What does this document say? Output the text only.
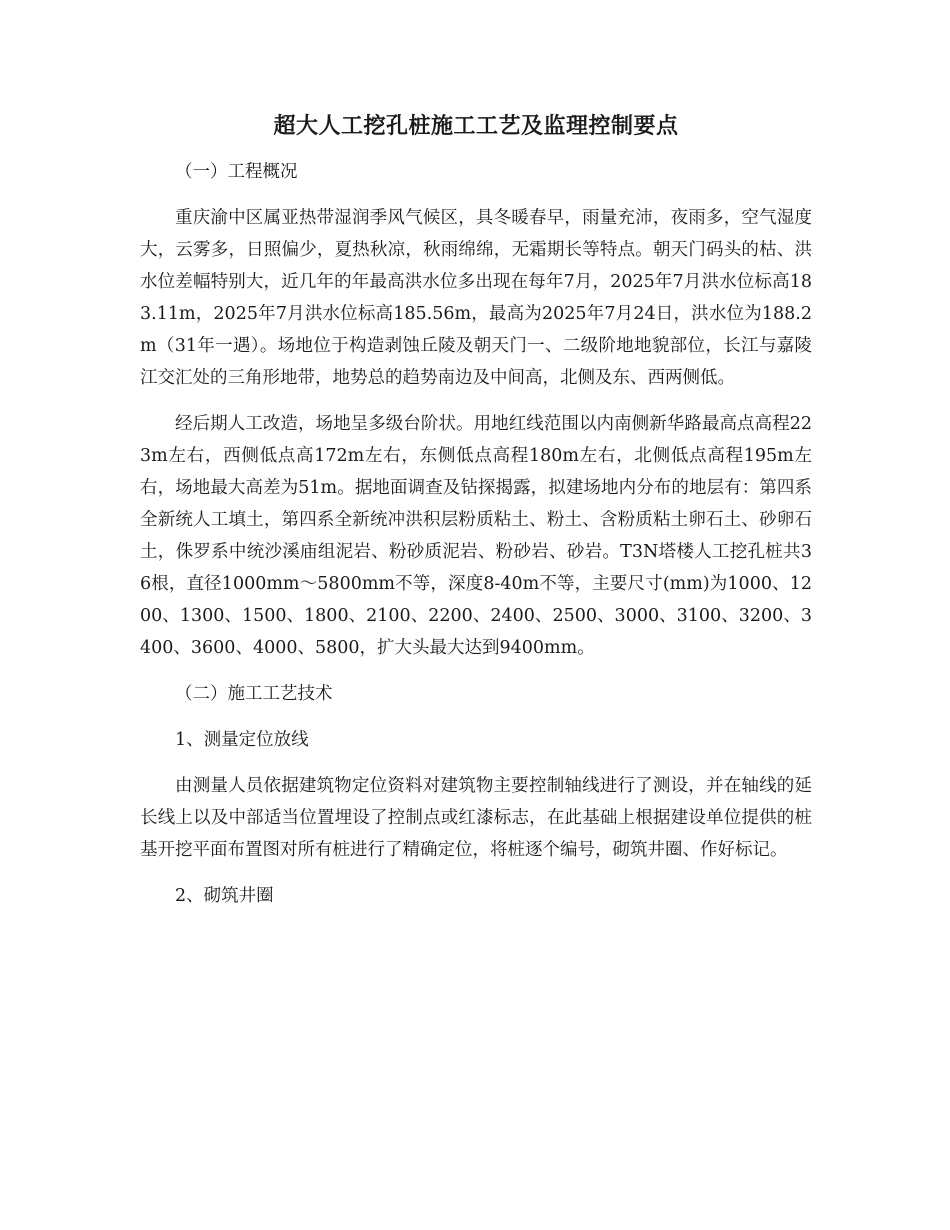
超大人工挖孔桩施工工艺及监理控制要点
（一）工程概况

重庆渝中区属亚热带湿润季风气候区，具冬暖春早，雨量充沛，夜雨多，空气湿度大，云雾多，日照偏少，夏热秋凉，秋雨绵绵，无霜期长等特点。朝天门码头的枯、洪水位差幅特别大，近几年的年最高洪水位多出现在每年7月，2025年7月洪水位标高183.11m，2025年7月洪水位标高185.56m，最高为2025年7月24日，洪水位为188.2m（31年一遇）。场地位于构造剥蚀丘陵及朝天门一、二级阶地地貌部位，长江与嘉陵江交汇处的三角形地带，地势总的趋势南边及中间高，北侧及东、西两侧低。

经后期人工改造，场地呈多级台阶状。用地红线范围以内南侧新华路最高点高程223m左右，西侧低点高172m左右，东侧低点高程180m左右，北侧低点高程195m左右，场地最大高差为51m。据地面调查及钻探揭露，拟建场地内分布的地层有：第四系全新统人工填土，第四系全新统冲洪积层粉质粘土、粉土、含粉质粘土卵石土、砂卵石土，侏罗系中统沙溪庙组泥岩、粉砂质泥岩、粉砂岩、砂岩。T3N塔楼人工挖孔桩共36根，直径1000mm～5800mm不等，深度8-40m不等，主要尺寸(mm)为1000、1200、1300、1500、1800、2100、2200、2400、2500、3000、3100、3200、3400、3600、4000、5800，扩大头最大达到9400mm。

（二）施工工艺技术
1、测量定位放线

由测量人员依据建筑物定位资料对建筑物主要控制轴线进行了测设，并在轴线的延长线上以及中部适当位置埋设了控制点或红漆标志，在此基础上根据建设单位提供的桩基开挖平面布置图对所有桩进行了精确定位，将桩逐个编号，砌筑井圈、作好标记。

2、砌筑井圈
